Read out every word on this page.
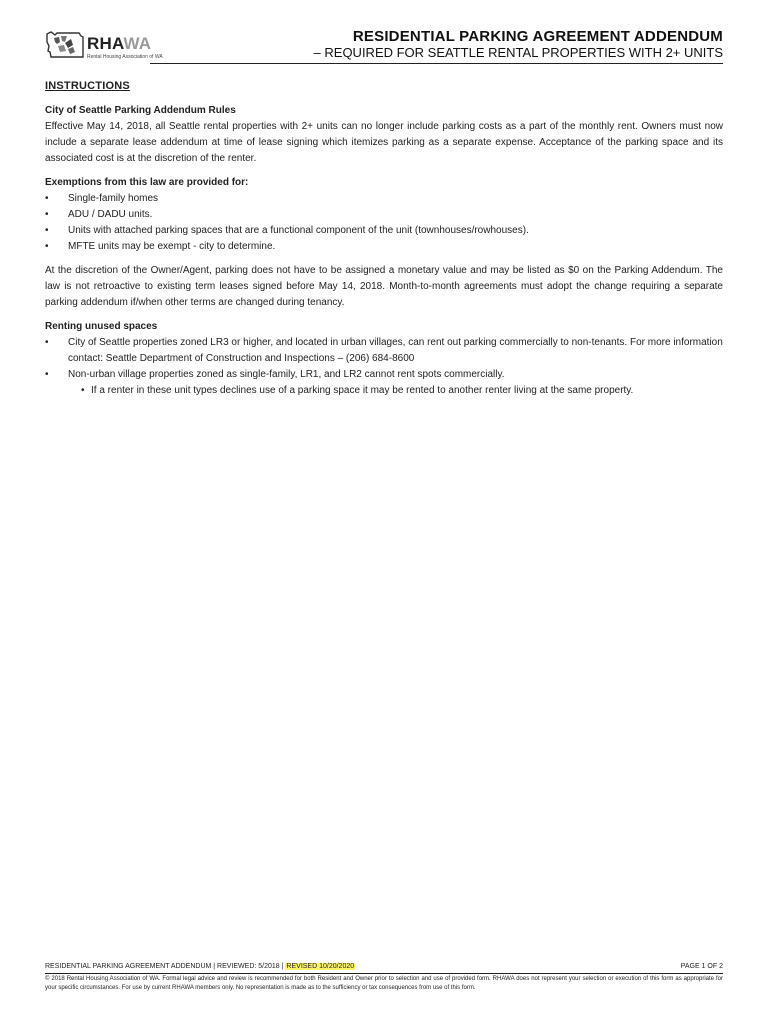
RHAWA
Rental Housing Association of WA
RESIDENTIAL PARKING AGREEMENT ADDENDUM
– REQUIRED FOR SEATTLE RENTAL PROPERTIES WITH 2+ UNITS
INSTRUCTIONS
City of Seattle Parking Addendum Rules

Effective May 14, 2018, all Seattle rental properties with 2+ units can no longer include parking costs as a part of the monthly rent. Owners must now include a separate lease addendum at time of lease signing which itemizes parking as a separate expense. Acceptance of the parking space and its associated cost is at the discretion of the renter.

Exemptions from this law are provided for:
• Single-family homes
• ADU / DADU units.
• Units with attached parking spaces that are a functional component of the unit (townhouses/rowhouses).
• MFTE units may be exempt - city to determine.

At the discretion of the Owner/Agent, parking does not have to be assigned a monetary value and may be listed as $0 on the Parking Addendum. The law is not retroactive to existing term leases signed before May 14, 2018. Month-to-month agreements must adopt the change requiring a separate parking addendum if/when other terms are changed during tenancy.

Renting unused spaces
• City of Seattle properties zoned LR3 or higher, and located in urban villages, can rent out parking commercially to non-tenants. For more information contact: Seattle Department of Construction and Inspections – (206) 684-8600
• Non-urban village properties zoned as single-family, LR1, and LR2 cannot rent spots commercially.
• If a renter in these unit types declines use of a parking space it may be rented to another renter living at the same property.
RESIDENTIAL PARKING AGREEMENT ADDENDUM | REVIEWED: 5/2018 | REVISED 10/20/2020	PAGE 1 OF 2
© 2018 Rental Housing Association of WA. Formal legal advice and review is recommended for both Resident and Owner prior to selection and use of provided form. RHAWA does not represent your selection or execution of this form as appropriate for your specific circumstances. For use by current RHAWA members only. No representation is made as to the sufficiency or tax consequences from use of this form.
